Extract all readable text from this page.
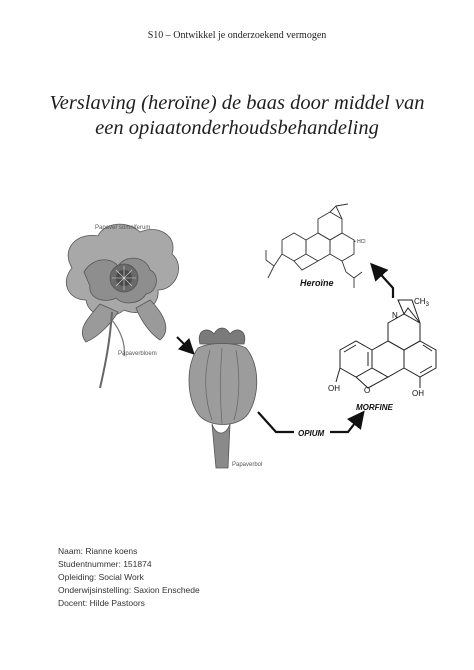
S10 – Ontwikkel je onderzoekend vermogen
Verslaving (heroïne) de baas door middel van
een opiaatonderhoudsbehandeling
Papaver somniferum
Papaverbloem
Papaverbol
OPIUM
OH	O	OH
N
$CH_3$
MORFINE
• HCl
Heroïne
Naam: Rianne koens
Studentnummer: 151874
Opleiding: Social Work
Onderwijsinstelling: Saxion Enschede
Docent: Hilde Pastoors
